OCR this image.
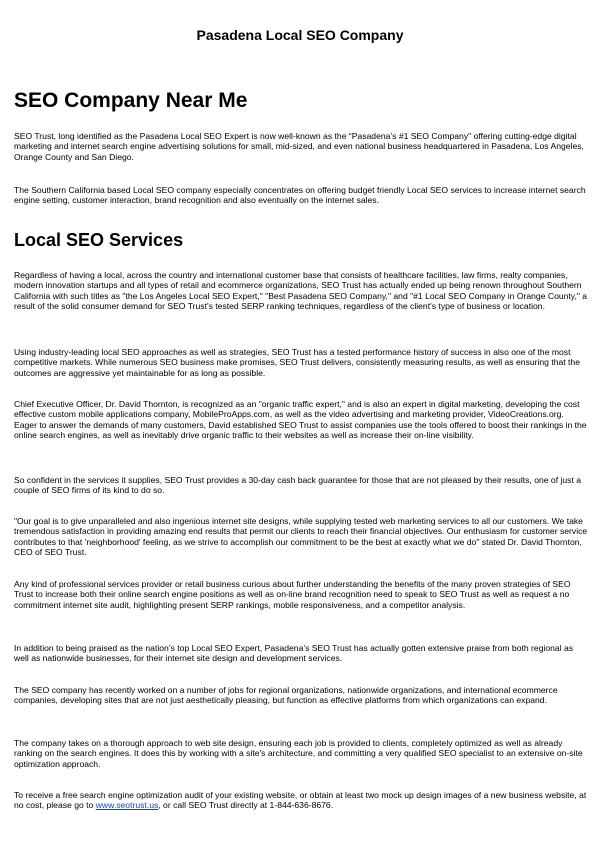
Pasadena Local SEO Company
SEO Company Near Me

SEO Trust, long identified as the Pasadena Local SEO Expert is now well-known as the “Pasadena’s #1 SEO Company" offering cutting-edge digital marketing and internet search engine advertising solutions for small, mid-sized, and even national business headquartered in Pasadena, Los Angeles, Orange County and San Diego.

The Southern California based Local SEO company especially concentrates on offering budget friendly Local SEO services to increase internet search engine setting, customer interaction, brand recognition and also eventually on the internet sales.

Local SEO Services

Regardless of having a local, across the country and international customer base that consists of healthcare facilities, law firms, realty companies, modern innovation startups and all types of retail and ecommerce organizations, SEO Trust has actually ended up being renown throughout Southern California with such titles as "the Los Angeles Local SEO Expert," "Best Pasadena SEO Company," and "#1 Local SEO Company in Orange County," a result of the solid consumer demand for SEO Trust's tested SERP ranking techniques, regardless of the client's type of business or location.

Using industry-leading local SEO approaches as well as strategies, SEO Trust has a tested performance history of success in also one of the most competitive markets. While numerous SEO business make promises, SEO Trust delivers, consistently measuring results, as well as ensuring that the outcomes are aggressive yet maintainable for as long as possible.

Chief Executive Officer, Dr. David Thornton, is recognized as an "organic traffic expert," and is also an expert in digital marketing, developing the cost effective custom mobile applications company, MobileProApps.com, as well as the video advertising and marketing provider, VideoCreations.org. Eager to answer the demands of many customers, David established SEO Trust to assist companies use the tools offered to boost their rankings in the online search engines, as well as inevitably drive organic traffic to their websites as well as increase their on-line visibility.

So confident in the services it supplies, SEO Trust provides a 30-day cash back guarantee for those that are not pleased by their results, one of just a couple of SEO firms of its kind to do so.

"Our goal is to give unparalleled and also ingenious internet site designs, while supplying tested web marketing services to all our customers. We take tremendous satisfaction in providing amazing end results that permit our clients to reach their financial objectives. Our enthusiasm for customer service contributes to that 'neighborhood' feeling, as we strive to accomplish our commitment to be the best at exactly what we do" stated Dr. David Thornton, CEO of SEO Trust.

Any kind of professional services provider or retail business curious about further understanding the benefits of the many proven strategies of SEO Trust to increase both their online search engine positions as well as on-line brand recognition need to speak to SEO Trust as well as request a no commitment internet site audit, highlighting present SERP rankings, mobile responsiveness, and a competitor analysis.

In addition to being praised as the nation’s top Local SEO Expert, Pasadena’s SEO Trust has actually gotten extensive praise from both regional as well as nationwide businesses, for their internet site design and development services.

The SEO company has recently worked on a number of jobs for regional organizations, nationwide organizations, and international ecommerce companies, developing sites that are not just aesthetically pleasing, but function as effective platforms from which organizations can expand.

The company takes on a thorough approach to web site design, ensuring each job is provided to clients, completely optimized as well as already ranking on the search engines. It does this by working with a site's architecture, and committing a very qualified SEO specialist to an extensive on-site optimization approach.

To receive a free search engine optimization audit of your existing website, or obtain at least two mock up design images of a new business website, at no cost, please go to www.seotrust.us, or call SEO Trust directly at 1-844-636-8676.
